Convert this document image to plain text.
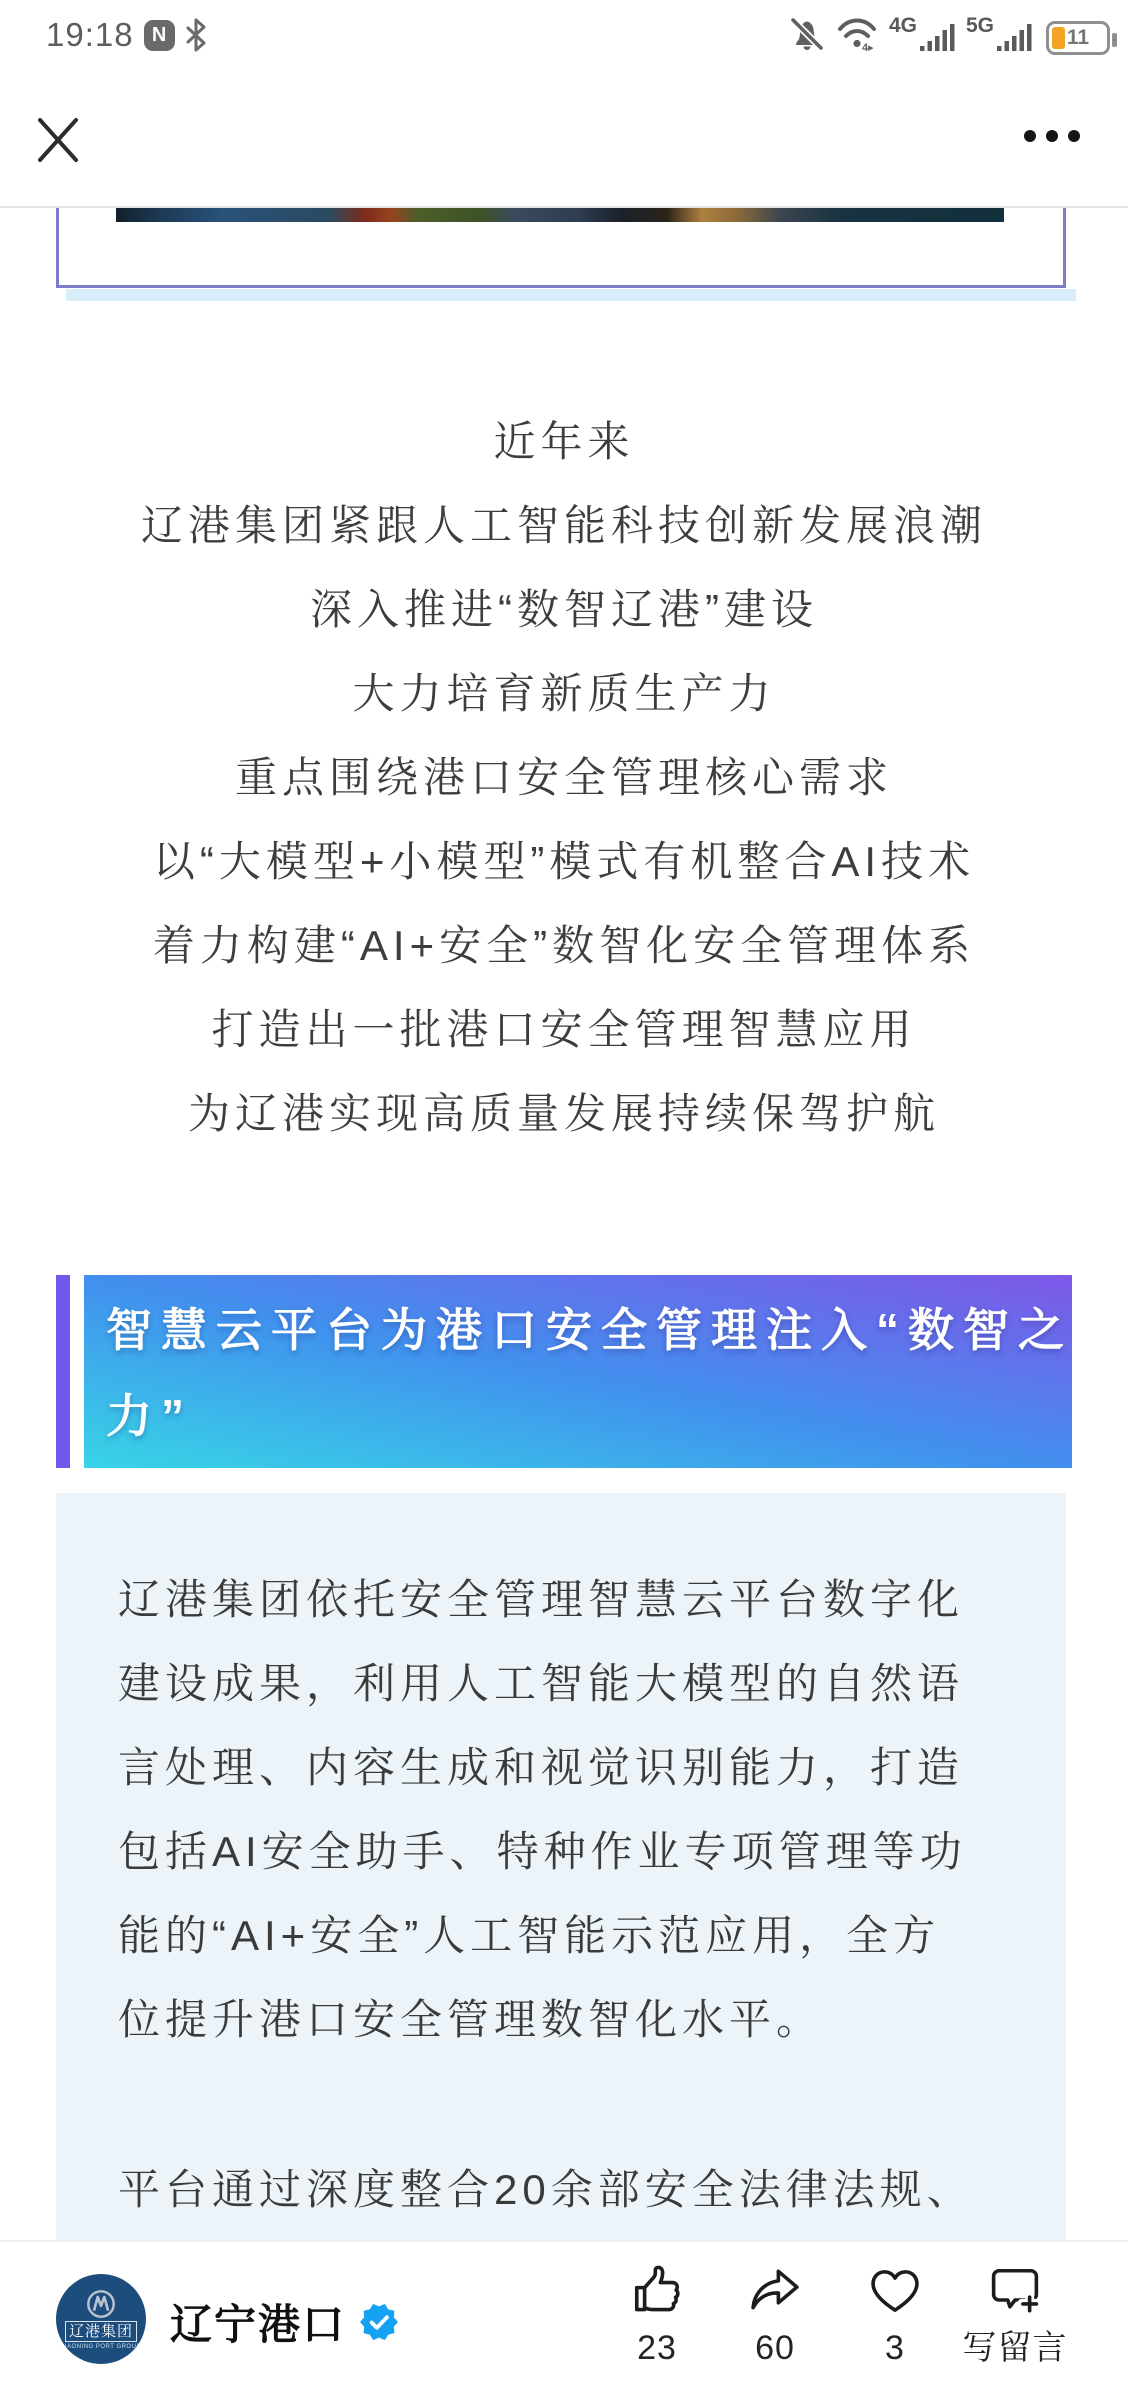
19:18 N
4▸
4G 5G
11
近年来
辽港集团紧跟人工智能科技创新发展浪潮
深入推进“数智辽港”建设
大力培育新质生产力
重点围绕港口安全管理核心需求
以“大模型+小模型”模式有机整合AI技术
着力构建“AI+安全”数智化安全管理体系
打造出一批港口安全管理智慧应用
为辽港实现高质量发展持续保驾护航
智慧云平台为港口安全管理注入“数智之
力”
辽港集团依托安全管理智慧云平台数字化
建设成果，利用人工智能大模型的自然语
言处理、内容生成和视觉识别能力，打造
包括AI安全助手、特种作业专项管理等功
能的“AI+安全”人工智能示范应用，全方
位提升港口安全管理数智化水平。
平台通过深度整合20余部安全法律法规、
辽港集团
LIAONING PORT GROUP 辽宁港口	23 60	3 写留言
